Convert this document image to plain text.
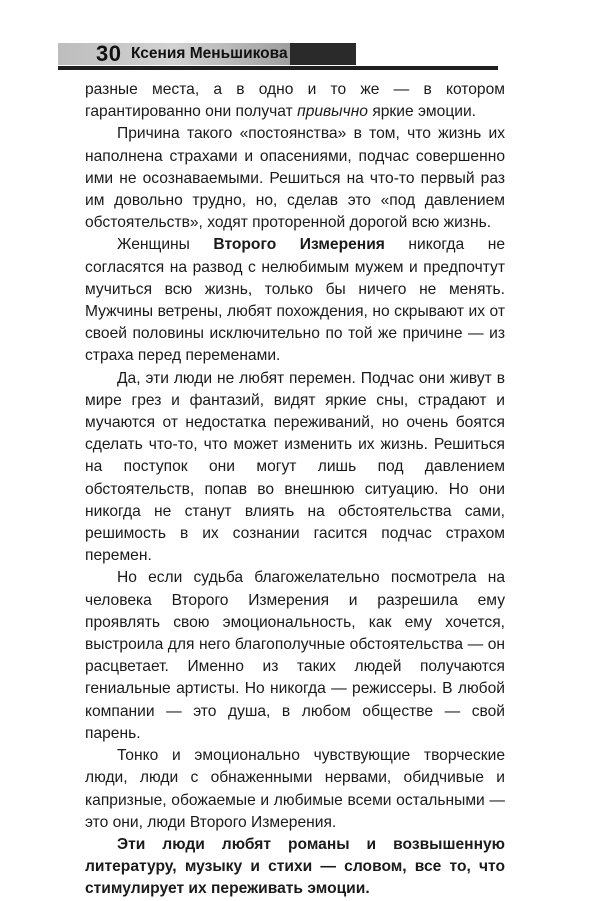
30 Ксения Меньшикова

разные места, а в одно и то же — в котором гарантированно они получат привычно яркие эмоции.

Причина такого «постоянства» в том, что жизнь их наполнена страхами и опасениями, подчас совершенно ими не осознаваемыми. Решиться на что-то первый раз им довольно трудно, но, сделав это «под давлением обстоятельств», ходят проторенной дорогой всю жизнь.

Женщины Второго Измерения никогда не согласятся на развод с нелюбимым мужем и предпочтут мучиться всю жизнь, только бы ничего не менять. Мужчины ветрены, любят похождения, но скрывают их от своей половины исключительно по той же причине — из страха перед переменами.

Да, эти люди не любят перемен. Подчас они живут в мире грез и фантазий, видят яркие сны, страдают и мучаются от недостатка переживаний, но очень боятся сделать что-то, что может изменить их жизнь. Решиться на поступок они могут лишь под давлением обстоятельств, попав во внешнюю ситуацию. Но они никогда не станут влиять на обстоятельства сами, решимость в их сознании гасится подчас страхом перемен.

Но если судьба благожелательно посмотрела на человека Второго Измерения и разрешила ему проявлять свою эмоциональность, как ему хочется, выстроила для него благополучные обстоятельства — он расцветает. Именно из таких людей получаются гениальные артисты. Но никогда — режиссеры. В любой компании — это душа, в любом обществе — свой парень.

Тонко и эмоционально чувствующие творческие люди, люди с обнаженными нервами, обидчивые и капризные, обожаемые и любимые всеми остальными — это они, люди Второго Измерения.

Эти люди любят романы и возвышенную литературу, музыку и стихи — словом, все то, что стимулирует их переживать эмоции.
